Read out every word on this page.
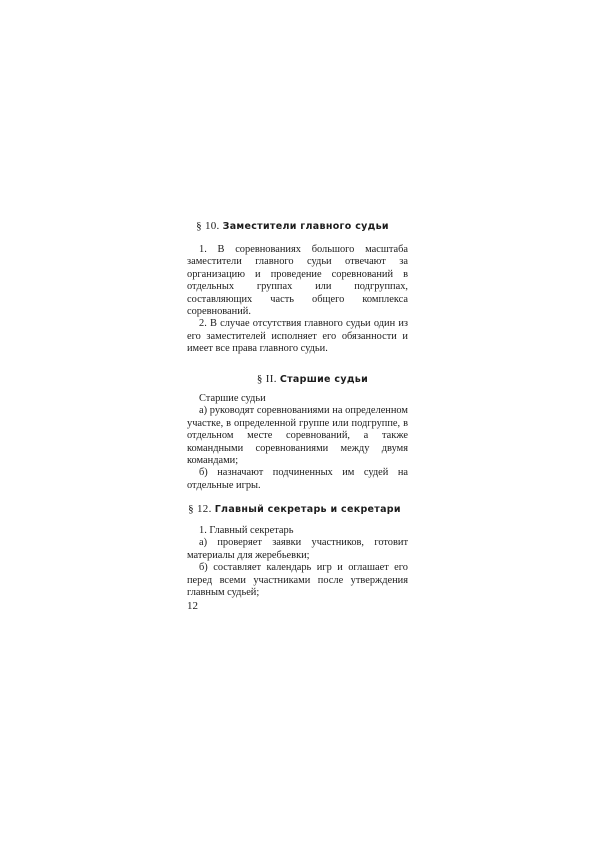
§ 10. Заместители главного судьи

1. В соревнованиях большого масштаба заместители главного судьи отвечают за организацию и проведение соревнований в отдельных группах или подгруппах, составляющих часть общего комплекса соревнований.

2. В случае отсутствия главного судьи один из его заместителей исполняет его обязанности и имеет все права главного судьи.

§ II. Старшие судьи

Старшие судьи

а) руководят соревнованиями на определенном участке, в определенной группе или подгруппе, в отдельном месте соревнований, а также командными соревнованиями между двумя командами;

б) назначают подчиненных им судей на отдельные игры.

§ 12. Главный секретарь и секретари

1. Главный секретарь

а) проверяет заявки участников, готовит материалы для жеребьевки;

б) составляет календарь игр и оглашает его перед всеми участниками после утверждения главным судьей;

12
